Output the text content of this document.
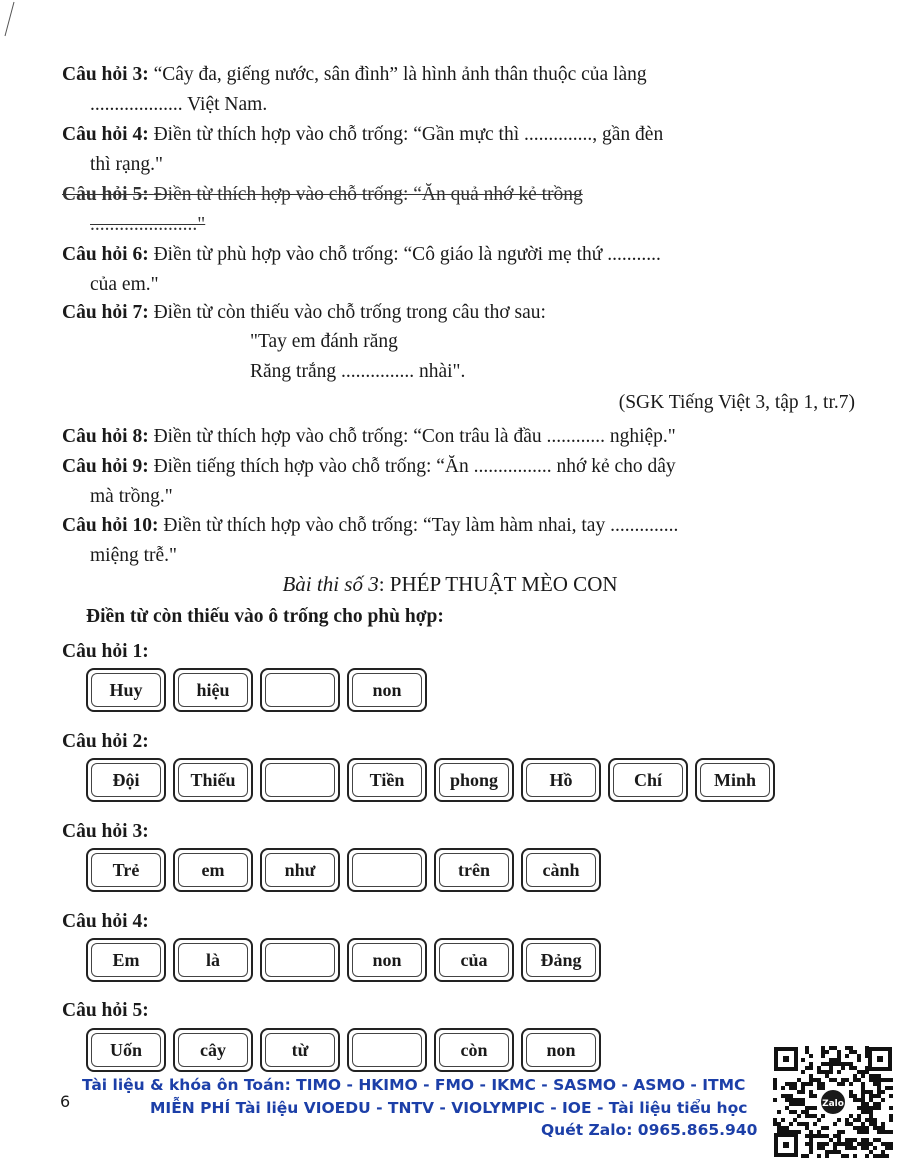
Câu hỏi 3: “Cây đa, giếng nước, sân đình” là hình ảnh thân thuộc của làng
................... Việt Nam.
Câu hỏi 4: Điền từ thích hợp vào chỗ trống: “Gần mực thì .............., gần đèn
thì rạng."
Câu hỏi 5: Điền từ thích hợp vào chỗ trống: “Ăn quả nhớ kẻ trồng
......................"
Câu hỏi 6: Điền từ phù hợp vào chỗ trống: “Cô giáo là người mẹ thứ ...........
của em."
Câu hỏi 7: Điền từ còn thiếu vào chỗ trống trong câu thơ sau:
"Tay em đánh răng
Răng trắng ............... nhài".
(SGK Tiếng Việt 3, tập 1, tr.7)
Câu hỏi 8: Điền từ thích hợp vào chỗ trống: “Con trâu là đầu ............ nghiệp."
Câu hỏi 9: Điền tiếng thích hợp vào chỗ trống: “Ăn ................ nhớ kẻ cho dây
mà trồng."
Câu hỏi 10: Điền từ thích hợp vào chỗ trống: “Tay làm hàm nhai, tay ..............
miệng trễ."
Bài thi số 3: PHÉP THUẬT MÈO CON
Điền từ còn thiếu vào ô trống cho phù hợp:
Câu hỏi 1:
Huy	hiệu	non
Câu hỏi 2:
Đội	Thiếu	Tiền	phong	Hồ	Chí	Minh
Câu hỏi 3:
Trẻ	em	như	trên	cành
Câu hỏi 4:
Em	là	non	của	Đảng
Câu hỏi 5:
Uốn	cây	từ	còn	non
6
Tài liệu & khóa ôn Toán: TIMO - HKIMO - FMO - IKMC - SASMO - ASMO - ITMC
MIỄN PHÍ Tài liệu VIOEDU - TNTV - VIOLYMPIC - IOE - Tài liệu tiểu học
Quét Zalo: 0965.865.940
Zalo
